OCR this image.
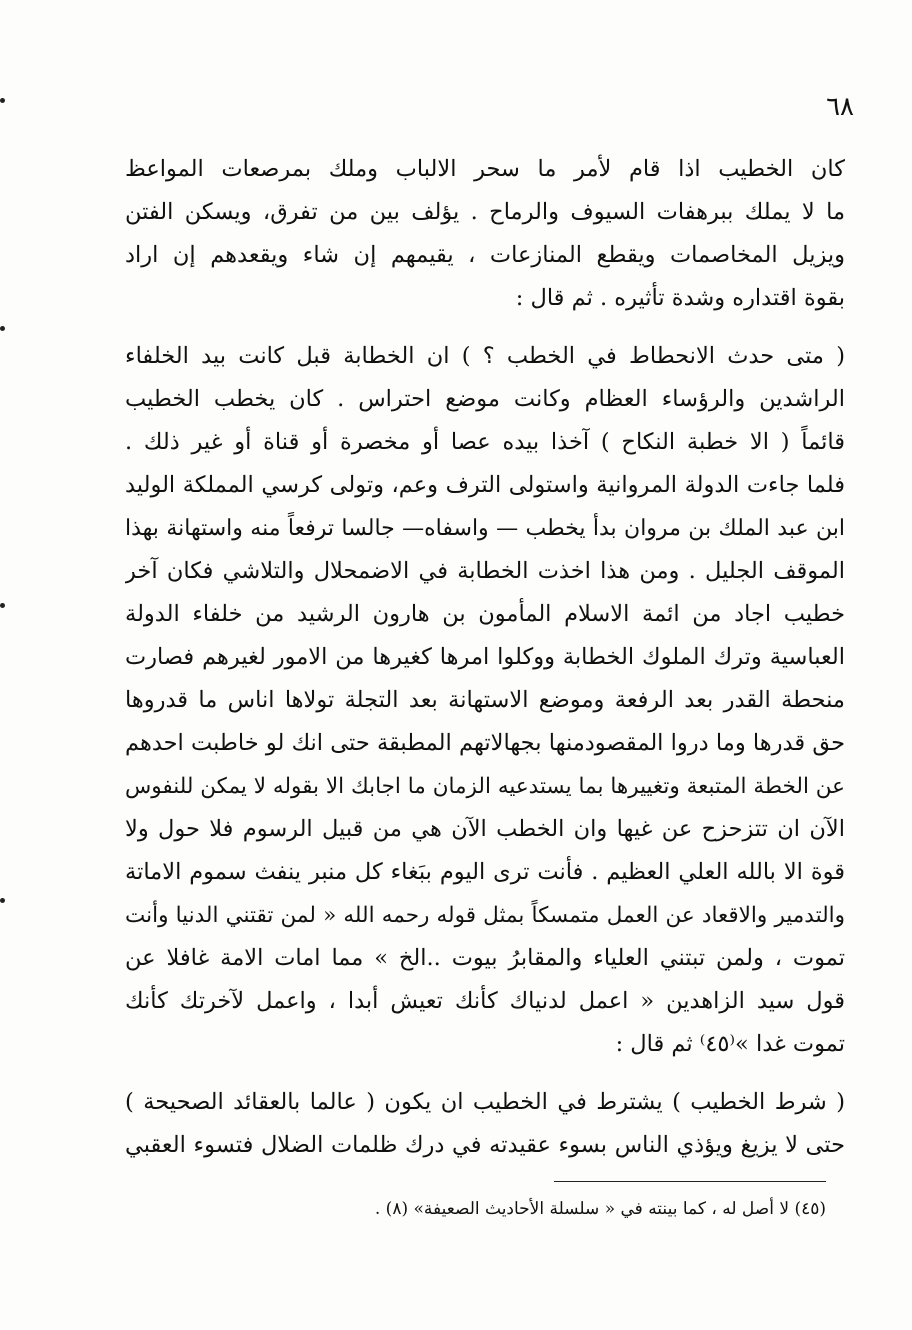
٦٨
كان الخطيب اذا قام لأمر ما سحر الالباب وملك بمرصعات المواعظ
ما لا يملك ببرهفات السيوف والرماح . يؤلف بين من تفرق، ويسكن الفتن
ويزيل المخاصمات ويقطع المنازعات ، يقيمهم إن شاء ويقعدهم إن اراد
بقوة اقتداره وشدة تأثيره . ثم قال :
( متى حدث الانحطاط في الخطب ؟ ) ان الخطابة قبل كانت بيد الخلفاء
الراشدين والرؤساء العظام وكانت موضع احتراس . كان يخطب الخطيب
قائماً ( الا خطبة النكاح ) آخذا بيده عصا أو مخصرة أو قناة أو غير ذلك .
فلما جاءت الدولة المروانية واستولى الترف وعم، وتولى كرسي المملكة الوليد
ابن عبد الملك بن مروان بدأ يخطب — واسفاه— جالسا ترفعاً منه واستهانة بهذا
الموقف الجليل . ومن هذا اخذت الخطابة في الاضمحلال والتلاشي فكان آخر
خطيب اجاد من ائمة الاسلام المأمون بن هارون الرشيد من خلفاء الدولة
العباسية وترك الملوك الخطابة ووكلوا امرها كغيرها من الامور لغيرهم فصارت
منحطة القدر بعد الرفعة وموضع الاستهانة بعد التجلة تولاها اناس ما قدروها
حق قدرها وما دروا المقصودمنها بجهالاتهم المطبقة حتى انك لو خاطبت احدهم
عن الخطة المتبعة وتغييرها بما يستدعيه الزمان ما اجابك الا بقوله لا يمكن للنفوس
الآن ان تتزحزح عن غيها وان الخطب الآن هي من قبيل الرسوم فلا حول ولا
قوة الا بالله العلي العظيم . فأنت ترى اليوم ببَغاء كل منبر ينفث سموم الاماتة
والتدمير والاقعاد عن العمل متمسكاً بمثل قوله رحمه الله « لمن تقتني الدنيا وأنت
تموت ، ولمن تبتني العلياء والمقابرُ بيوت ..الخ » مما امات الامة غافلا عن
قول سيد الزاهدين « اعمل لدنياك كأنك تعيش أبدا ، واعمل لآخرتك كأنك
تموت غدا »⁽٤٥⁾ ثم قال :
( شرط الخطيب ) يشترط في الخطيب ان يكون ( عالما بالعقائد الصحيحة )
حتى لا يزيغ ويؤذي الناس بسوء عقيدته في درك ظلمات الضلال فتسوء العقبي
(٤٥) لا أصل له ، كما بينته في « سلسلة الأحاديث الصعيفة» (٨) .
